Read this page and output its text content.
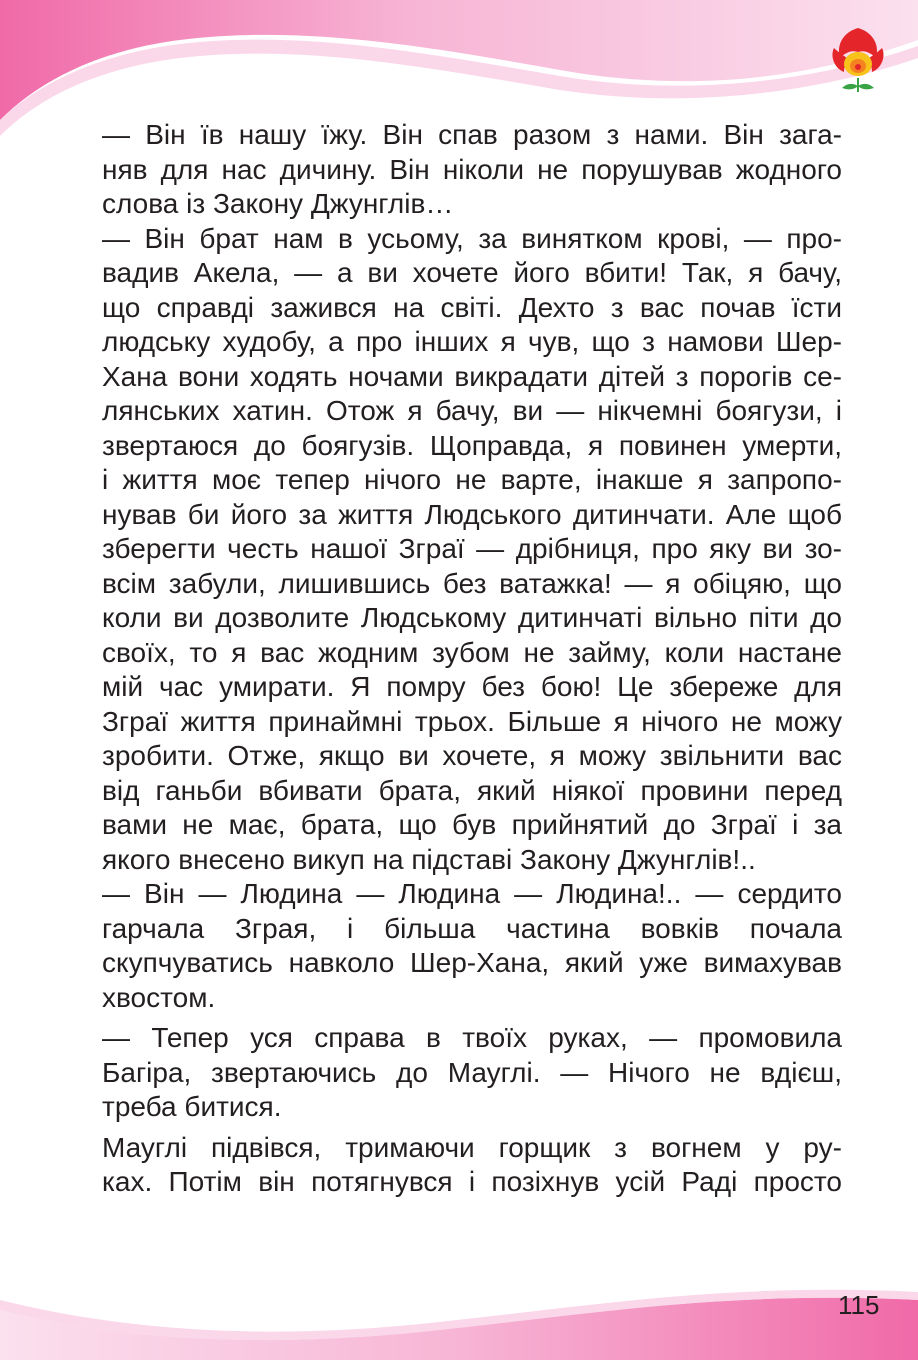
— Він їв нашу їжу. Він спав разом з нами. Він зага-
няв для нас дичину. Він ніколи не порушував жодного
слова із Закону Джунглів…

— Він брат нам в усьому, за винятком крові, — про-
вадив Акела, — а ви хочете його вбити! Так, я бачу,
що справді зажився на світі. Дехто з вас почав їсти
людську худобу, а про інших я чув, що з намови Шер-
Хана вони ходять ночами викрадати дітей з порогів се-
лянських хатин. Отож я бачу, ви — нікчемні боягузи, і
звертаюся до боягузів. Щоправда, я повинен умерти,
і життя моє тепер нічого не варте, інакше я запропо-
нував би його за життя Людського дитинчати. Але щоб
зберегти честь нашої Зграї — дрібниця, про яку ви зо-
всім забули, лишившись без ватажка! — я обіцяю, що
коли ви дозволите Людському дитинчаті вільно піти до
своїх, то я вас жодним зубом не займу, коли настане
мій час умирати. Я помру без бою! Це збереже для
Зграї життя принаймні трьох. Більше я нічого не можу
зробити. Отже, якщо ви хочете, я можу звільнити вас
від ганьби вбивати брата, який ніякої провини перед
вами не має, брата, що був прийнятий до Зграї і за
якого внесено викуп на підставі Закону Джунглів!..

— Він — Людина — Людина — Людина!.. — сердито
гарчала Зграя, і більша частина вовків почала
скупчуватись навколо Шер-Хана, який уже вимахував
хвостом.

— Тепер уся справа в твоїх руках, — промовила
Багіра, звертаючись до Мауглі. — Нічого не вдієш,
треба битися.

Мауглі підвівся, тримаючи горщик з вогнем у ру-
ках. Потім він потягнувся і позіхнув усій Раді просто

115
